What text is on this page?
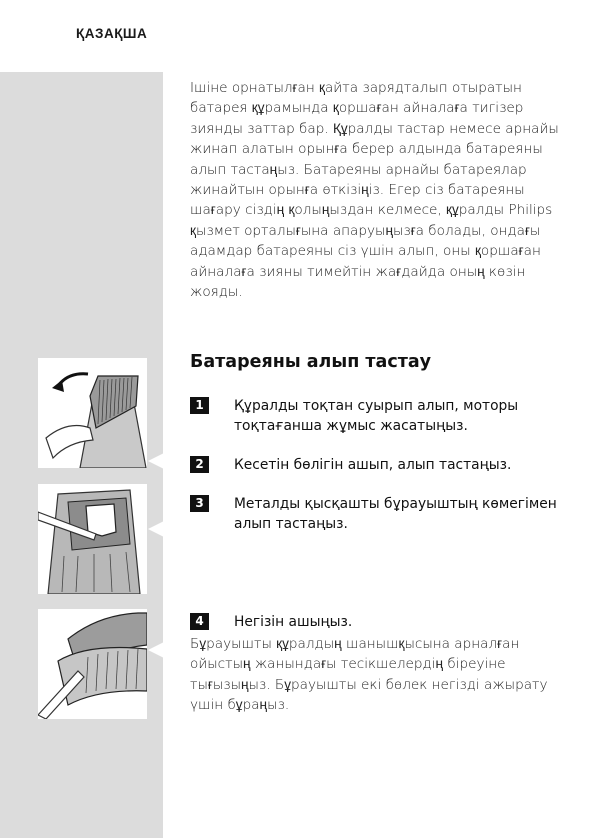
ҚАЗАҚША

Ішіне орнатылған қайта зарядталып отыратын батарея құрамында қоршаған айналаға тигізер зиянды заттар бар. Құралды тастар немесе арнайы жинап алатын орынға берер алдында батареяны алып тастаңыз. Батареяны арнайы батареялар жинайтын орынға өткізіңіз. Егер сіз батареяны шағару сіздің қолыңыздан келмесе, құралды Philips қызмет орталығына апаруыңызға болады, ондағы адамдар батареяны сіз үшін алып, оны қоршаған айналаға зияны тимейтін жағдайда оның көзін жояды.

Батареяны алып тастау
1	Құралды тоқтан суырып алып, моторы тоқтағанша жұмыс жасатыңыз.
2	Кесетін бөлігін ашып, алып тастаңыз.
3	Металды қысқашты бұрауыштың көмегімен алып тастаңыз.
4	Негізін ашыңыз.

Бұрауышты құралдың шанышқысына арналған ойыстың жанындағы тесікшелердің біреуіне тығызыңыз. Бұрауышты екі бөлек негізді ажырату үшін бұраңыз.
